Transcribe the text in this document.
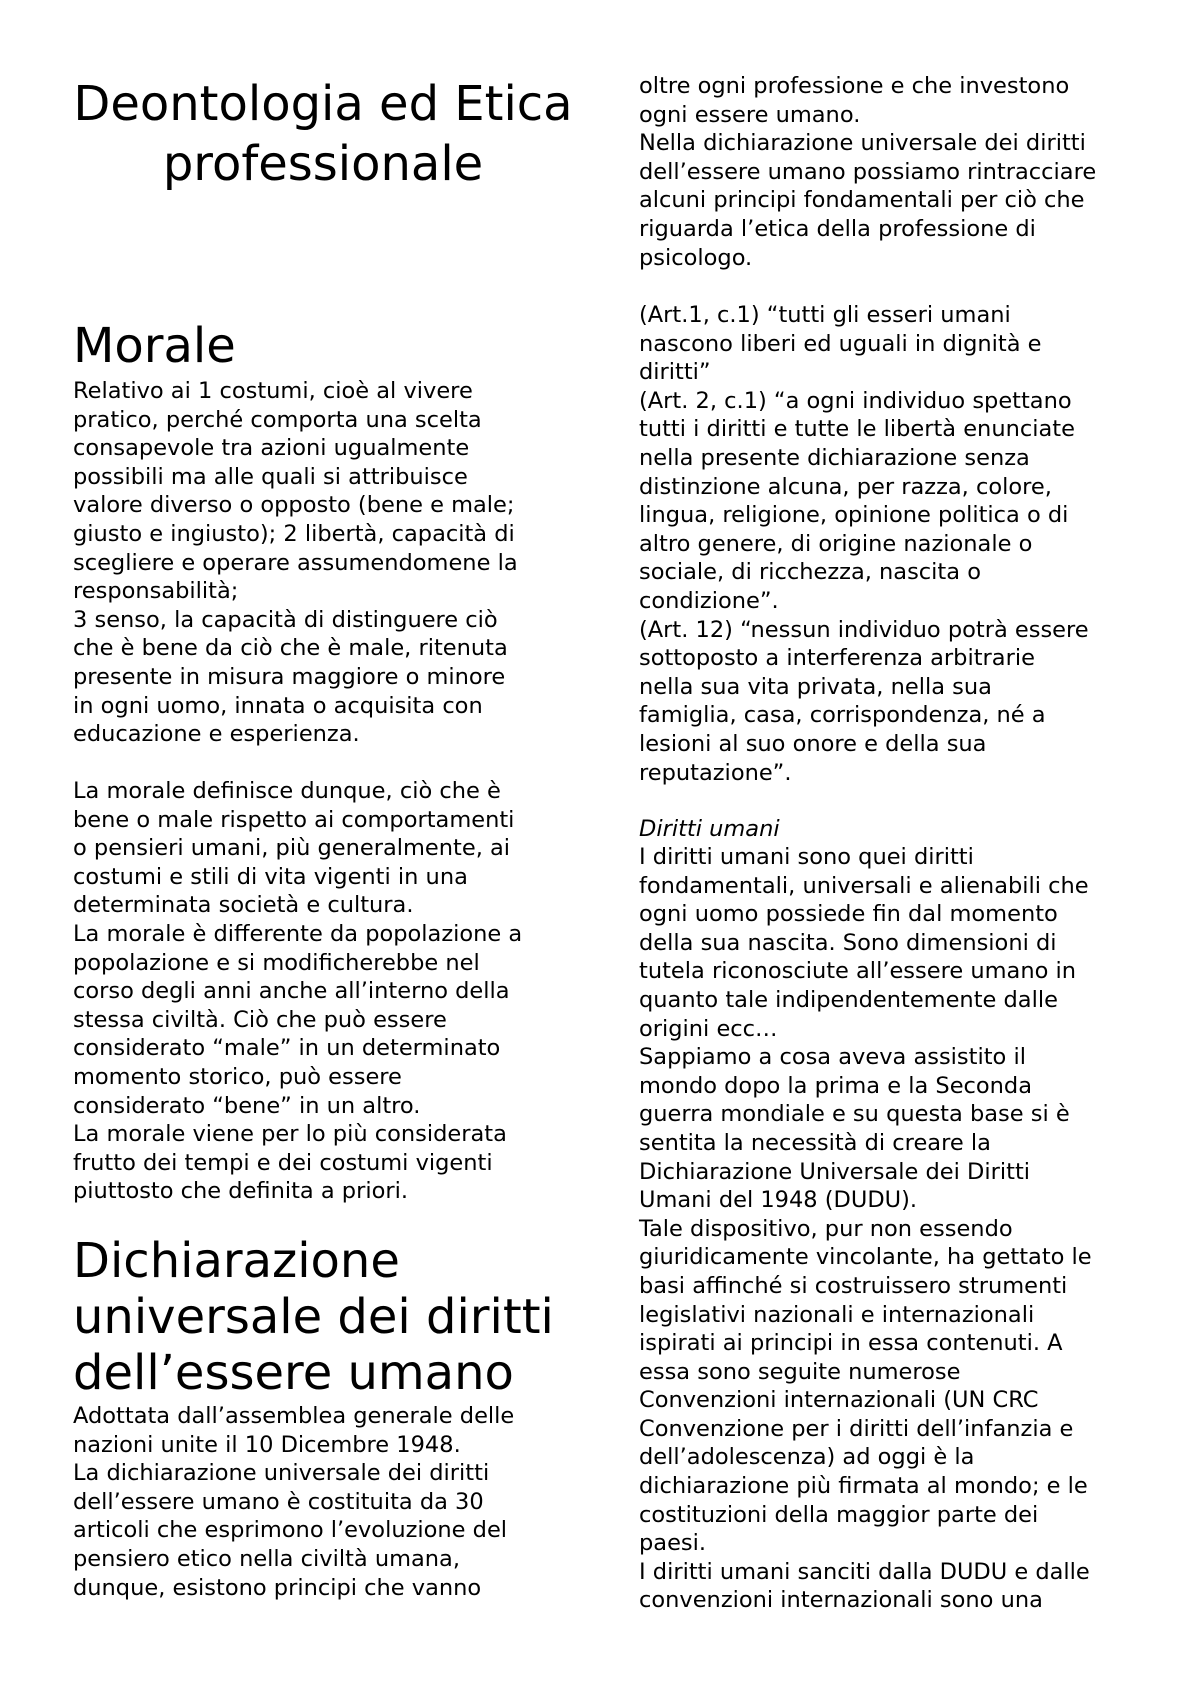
Deontologia ed Etica professionale
Morale

Relativo ai 1 costumi, cioè al vivere
pratico, perché comporta una scelta
consapevole tra azioni ugualmente
possibili ma alle quali si attribuisce
valore diverso o opposto (bene e male;
giusto e ingiusto); 2 libertà, capacità di
scegliere e operare assumendomene la
responsabilità;
3 senso, la capacità di distinguere ciò
che è bene da ciò che è male, ritenuta
presente in misura maggiore o minore
in ogni uomo, innata o acquisita con
educazione e esperienza.

La morale definisce dunque, ciò che è
bene o male rispetto ai comportamenti
o pensieri umani, più generalmente, ai
costumi e stili di vita vigenti in una
determinata società e cultura.
La morale è differente da popolazione a
popolazione e si modificherebbe nel
corso degli anni anche all’interno della
stessa civiltà. Ciò che può essere
considerato “male” in un determinato
momento storico, può essere
considerato “bene” in un altro.
La morale viene per lo più considerata
frutto dei tempi e dei costumi vigenti
piuttosto che definita a priori.

Dichiarazione
universale dei diritti
dell’essere umano

Adottata dall’assemblea generale delle
nazioni unite il 10 Dicembre 1948.
La dichiarazione universale dei diritti
dell’essere umano è costituita da 30
articoli che esprimono l’evoluzione del
pensiero etico nella civiltà umana,
dunque, esistono principi che vanno

oltre ogni professione e che investono
ogni essere umano.
Nella dichiarazione universale dei diritti
dell’essere umano possiamo rintracciare
alcuni principi fondamentali per ciò che
riguarda l’etica della professione di
psicologo.

(Art.1, c.1) “tutti gli esseri umani
nascono liberi ed uguali in dignità e
diritti”
(Art. 2, c.1) “a ogni individuo spettano
tutti i diritti e tutte le libertà enunciate
nella presente dichiarazione senza
distinzione alcuna, per razza, colore,
lingua, religione, opinione politica o di
altro genere, di origine nazionale o
sociale, di ricchezza, nascita o
condizione”.
(Art. 12) “nessun individuo potrà essere
sottoposto a interferenza arbitrarie
nella sua vita privata, nella sua
famiglia, casa, corrispondenza, né a
lesioni al suo onore e della sua
reputazione”.

Diritti umani

I diritti umani sono quei diritti
fondamentali, universali e alienabili che
ogni uomo possiede fin dal momento
della sua nascita. Sono dimensioni di
tutela riconosciute all’essere umano in
quanto tale indipendentemente dalle
origini ecc…
Sappiamo a cosa aveva assistito il
mondo dopo la prima e la Seconda
guerra mondiale e su questa base si è
sentita la necessità di creare la
Dichiarazione Universale dei Diritti
Umani del 1948 (DUDU).
Tale dispositivo, pur non essendo
giuridicamente vincolante, ha gettato le
basi affinché si costruissero strumenti
legislativi nazionali e internazionali
ispirati ai principi in essa contenuti. A
essa sono seguite numerose
Convenzioni internazionali (UN CRC
Convenzione per i diritti dell’infanzia e
dell’adolescenza) ad oggi è la
dichiarazione più firmata al mondo; e le
costituzioni della maggior parte dei
paesi.
I diritti umani sanciti dalla DUDU e dalle
convenzioni internazionali sono una
